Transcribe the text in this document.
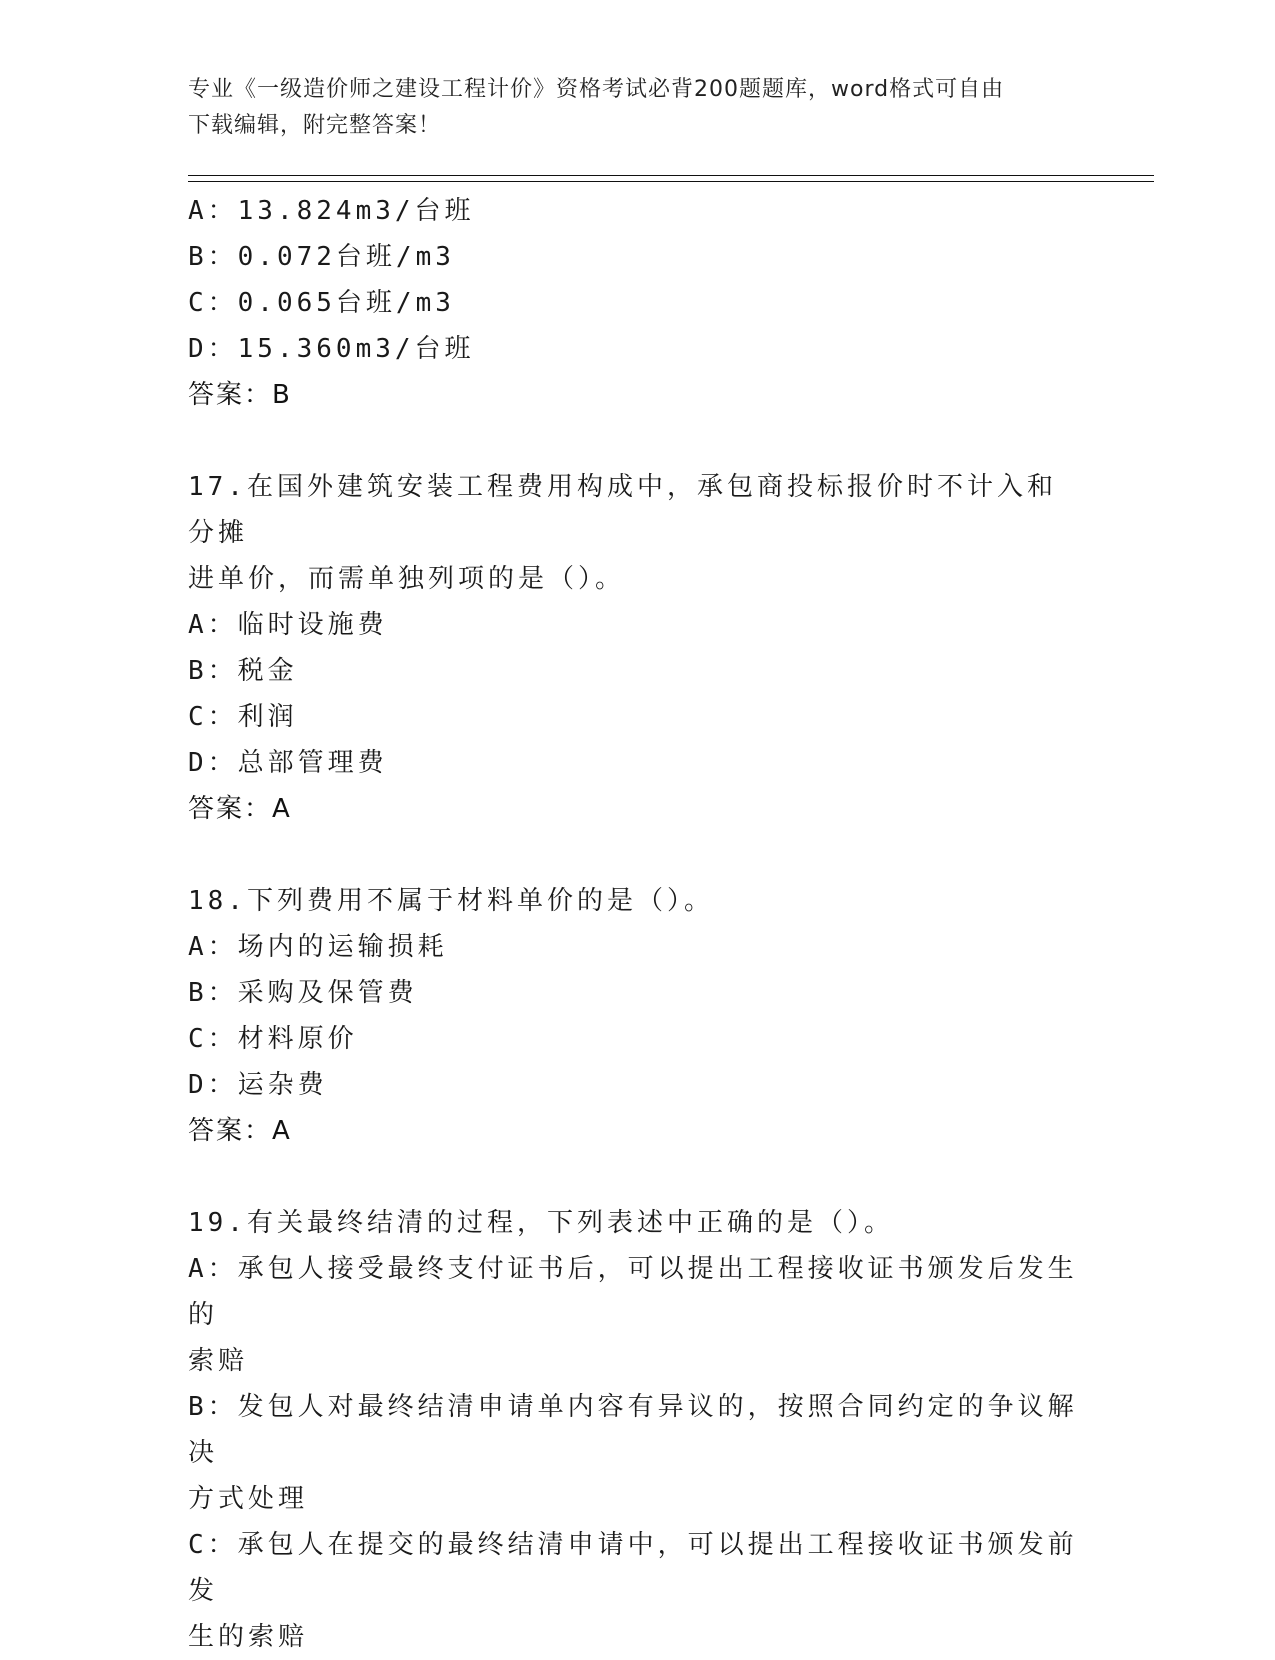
专业《一级造价师之建设工程计价》资格考试必背200题题库，word格式可自由
下载编辑，附完整答案！
A：13.824m3/台班
B：0.072台班/m3
C：0.065台班/m3
D：15.360m3/台班
答案：B
17.在国外建筑安装工程费用构成中，承包商投标报价时不计入和分摊
进单价，而需单独列项的是（）。
A：临时设施费
B：税金
C：利润
D：总部管理费
答案：A
18.下列费用不属于材料单价的是（）。
A：场内的运输损耗
B：采购及保管费
C：材料原价
D：运杂费
答案：A
19.有关最终结清的过程，下列表述中正确的是（）。
A：承包人接受最终支付证书后，可以提出工程接收证书颁发后发生的
索赔
B：发包人对最终结清申请单内容有异议的，按照合同约定的争议解决
方式处理
C：承包人在提交的最终结清申请中，可以提出工程接收证书颁发前发
生的索赔
